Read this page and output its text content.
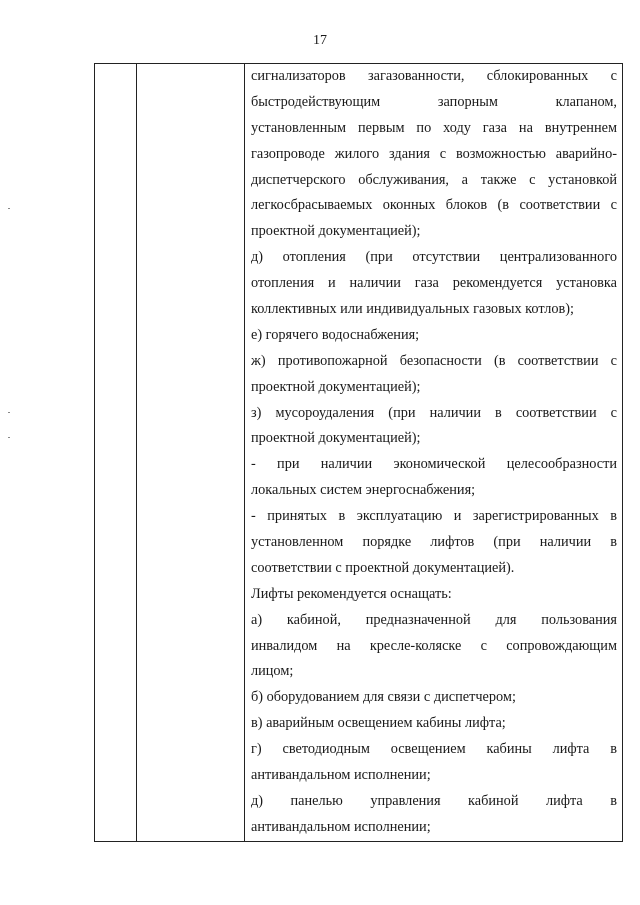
17
сигнализаторов загазованности, сблокированных с
быстродействующим запорным клапаном,
установленным первым по ходу газа на внутреннем
газопроводе жилого здания с возможностью аварийно-
диспетчерского обслуживания, а также с установкой
легкосбрасываемых оконных блоков (в соответствии с
проектной документацией);
д) отопления (при отсутствии централизованного
отопления и наличии газа рекомендуется установка
коллективных или индивидуальных газовых котлов);
е) горячего водоснабжения;
ж) противопожарной безопасности (в соответствии с
проектной документацией);
з) мусороудаления (при наличии в соответствии с
проектной документацией);
- при наличии экономической целесообразности
локальных систем энергоснабжения;
- принятых в эксплуатацию и зарегистрированных в
установленном порядке лифтов (при наличии в
соответствии с проектной документацией).
Лифты рекомендуется оснащать:
а) кабиной, предназначенной для пользования
инвалидом на кресле-коляске с сопровождающим
лицом;
б) оборудованием для связи с диспетчером;
в) аварийным освещением кабины лифта;
г) светодиодным освещением кабины лифта в
антивандальном исполнении;
д) панелью управления кабиной лифта в
антивандальном исполнении;
